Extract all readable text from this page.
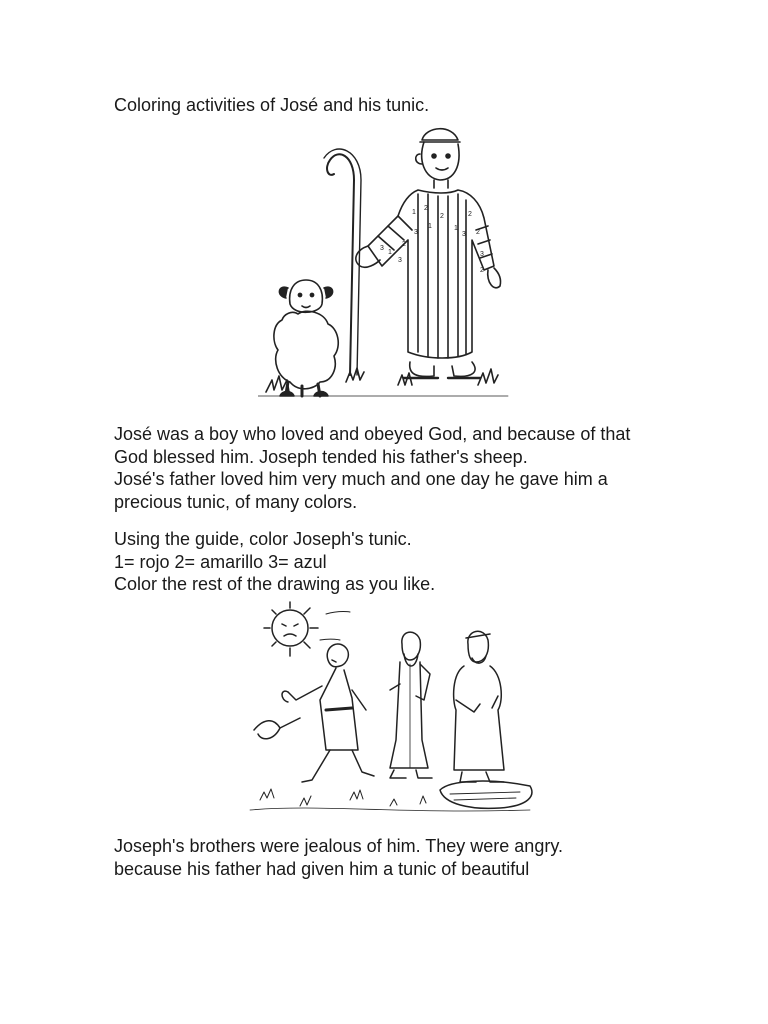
Coloring activities of José and his tunic.

1
2
3
2
1
3
2
1
3 2
2
3
1
3
2

José was a boy who loved and obeyed God, and because of that

God blessed him. Joseph tended his father's sheep.

José's father loved him very much and one day he gave him a

precious tunic, of many colors.

Using the guide, color Joseph's tunic.

1= rojo 2= amarillo 3= azul

Color the rest of the drawing as you like.

Joseph's brothers were jealous of him. They were angry.

because his father had given him a tunic of beautiful
